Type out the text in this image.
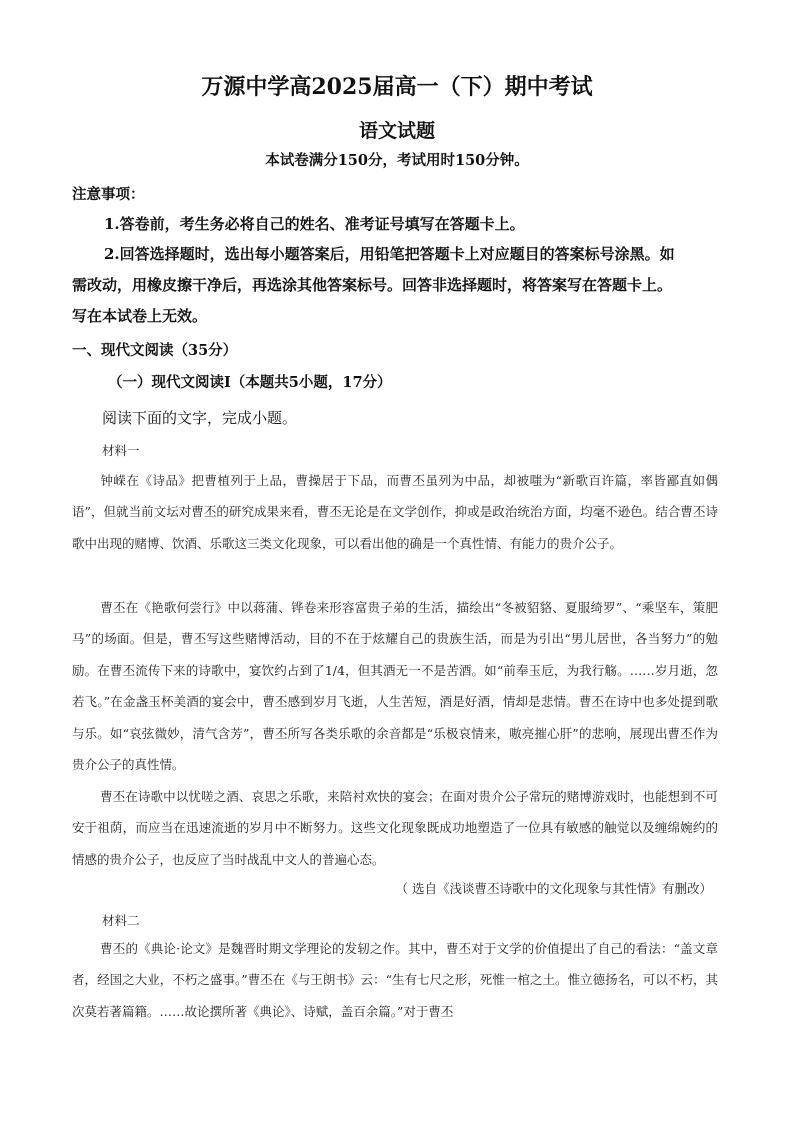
万源中学高2025届高一（下）期中考试
语文试题
本试卷满分150分，考试用时150分钟。
注意事项：
1.答卷前，考生务必将自己的姓名、准考证号填写在答题卡上。
2.回答选择题时，选出每小题答案后，用铅笔把答题卡上对应题目的答案标号涂黑。如
需改动，用橡皮擦干净后，再选涂其他答案标号。回答非选择题时，将答案写在答题卡上。
写在本试卷上无效。
一、现代文阅读（35分）
（一）现代文阅读I（本题共5小题，17分）
阅读下面的文字，完成小题。
材料一

钟嵘在《诗品》把曹植列于上品，曹操居于下品，而曹丕虽列为中品，却被嗤为“新歌百许篇，率皆鄙直如偶语”，但就当前文坛对曹丕的研究成果来看，曹丕无论是在文学创作，抑或是政治统治方面，均毫不逊色。结合曹丕诗歌中出现的赌博、饮酒、乐歌这三类文化现象，可以看出他的确是一个真性情、有能力的贵介公子。

曹丕在《艳歌何尝行》中以蒋蒲、铧卷来形容富贵子弟的生活，描绘出“冬被貂貉、夏服绮罗”、“乘坚车，策肥马”的场面。但是，曹丕写这些赌博活动，目的不在于炫耀自己的贵族生活，而是为引出“男儿居世，各当努力”的勉励。在曹丕流传下来的诗歌中，宴饮约占到了1/4，但其酒无一不是苦酒。如“前奉玉卮，为我行觞。……岁月逝，忽若飞。”在金盏玉杯美酒的宴会中，曹丕感到岁月飞逝，人生苦短，酒是好酒，情却是悲情。曹丕在诗中也多处提到歌与乐。如“哀弦微妙，清气含芳”，曹丕所写各类乐歌的余音都是“乐极哀情来，嗷亮摧心肝”的悲响，展现出曹丕作为贵介公子的真性情。

曹丕在诗歌中以忧嗟之酒、哀思之乐歌，来陪衬欢快的宴会；在面对贵介公子常玩的赌博游戏时，也能想到不可安于祖荫，而应当在迅速流逝的岁月中不断努力。这些文化现象既成功地塑造了一位具有敏感的触觉以及缠绵婉约的情感的贵介公子，也反应了当时战乱中文人的普遍心态。

（ 选自《浅谈曹丕诗歌中的文化现象与其性情》有删改）
材料二

曹丕的《典论·论文》是魏晋时期文学理论的发轫之作。其中，曹丕对于文学的价值提出了自己的看法：“盖文章者，经国之大业，不朽之盛事。”曹丕在《与王朗书》云：“生有七尺之形，死惟一棺之土。惟立德扬名，可以不朽，其次莫若著篇籍。……故论撰所著《典论》、诗赋，盖百余篇。”对于曹丕
